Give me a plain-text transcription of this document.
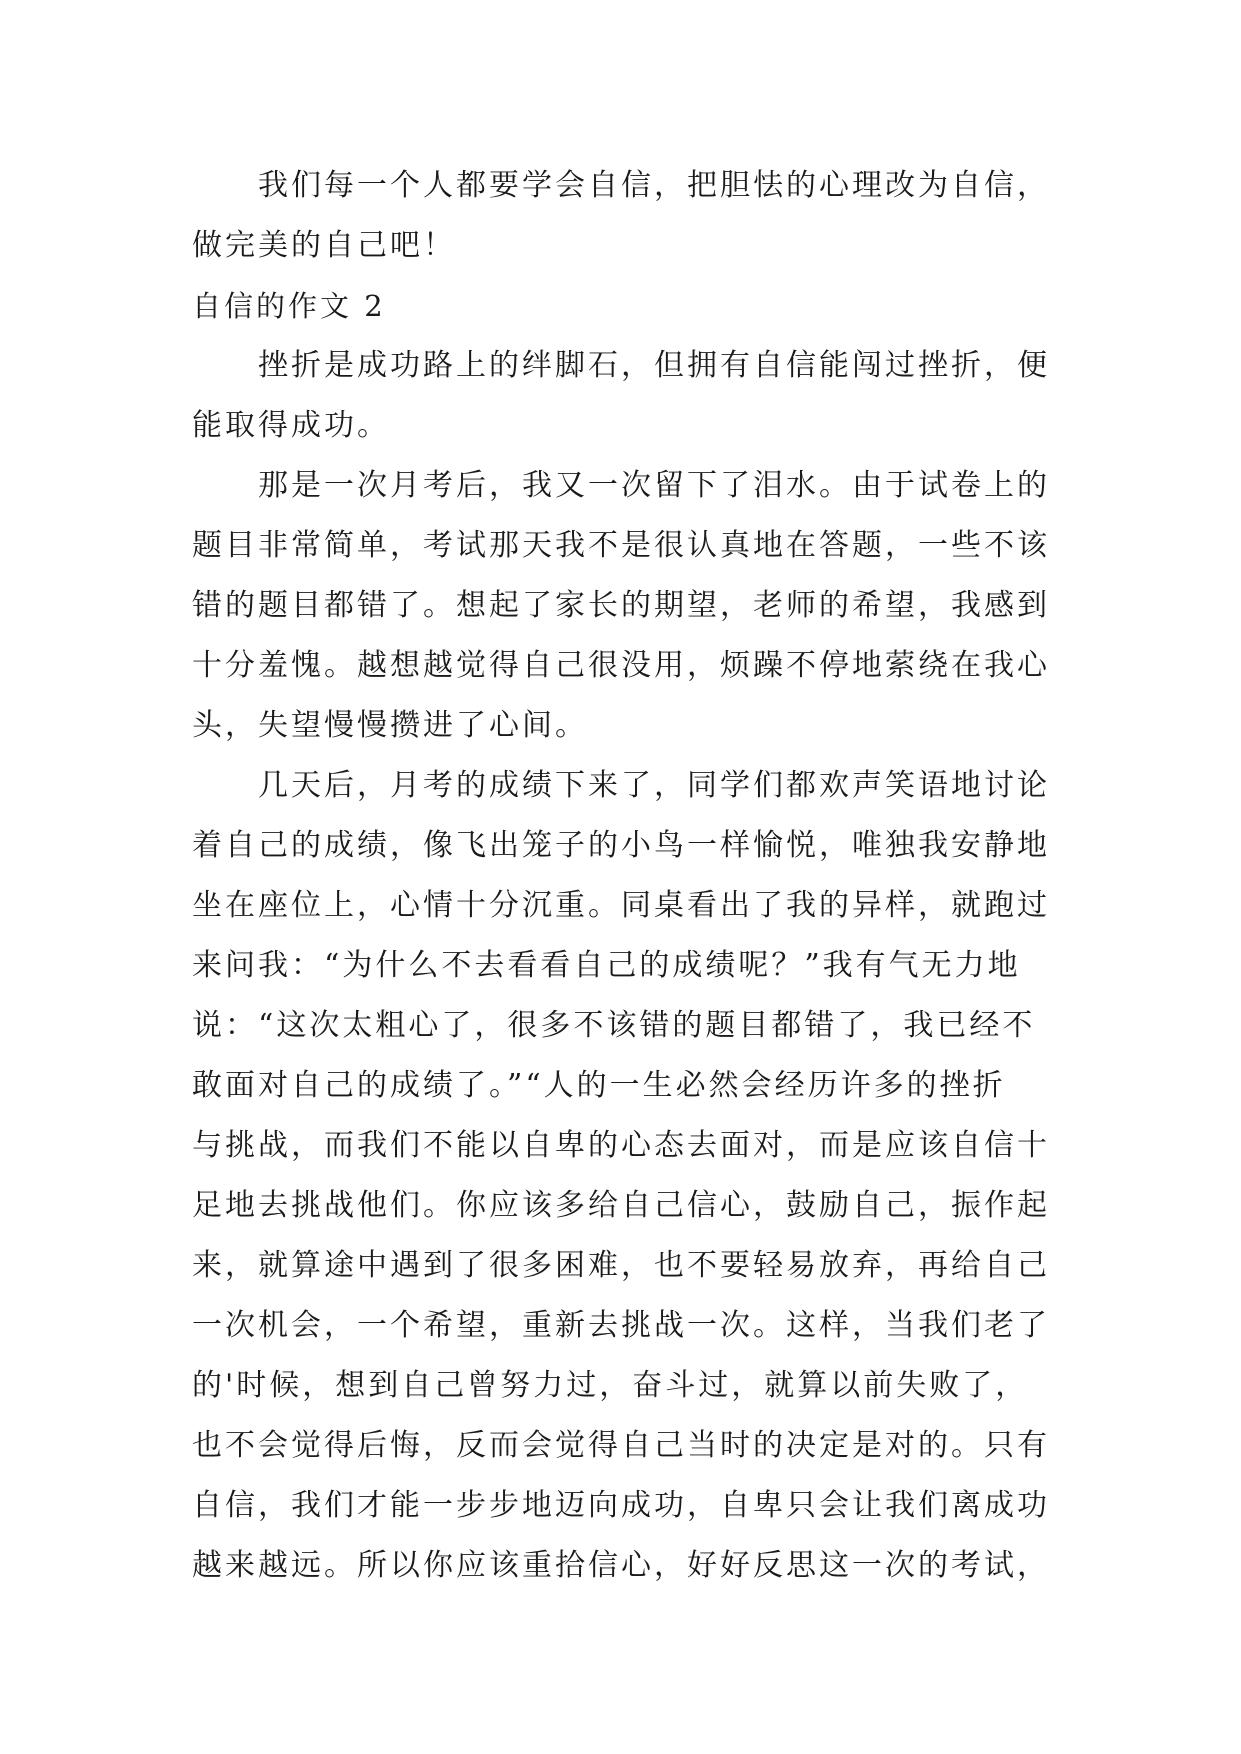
我们每一个人都要学会自信，把胆怯的心理改为自信，
做完美的自己吧！
自信的作文 2
挫折是成功路上的绊脚石，但拥有自信能闯过挫折，便
能取得成功。
那是一次月考后，我又一次留下了泪水。由于试卷上的
题目非常简单，考试那天我不是很认真地在答题，一些不该
错的题目都错了。想起了家长的期望，老师的希望，我感到
十分羞愧。越想越觉得自己很没用，烦躁不停地萦绕在我心
头，失望慢慢攒进了心间。
几天后，月考的成绩下来了，同学们都欢声笑语地讨论
着自己的成绩，像飞出笼子的小鸟一样愉悦，唯独我安静地
坐在座位上，心情十分沉重。同桌看出了我的异样，就跑过
来问我：“为什么不去看看自己的成绩呢？”我有气无力地
说：“这次太粗心了，很多不该错的题目都错了，我已经不
敢面对自己的成绩了。”“人的一生必然会经历许多的挫折
与挑战，而我们不能以自卑的心态去面对，而是应该自信十
足地去挑战他们。你应该多给自己信心，鼓励自己，振作起
来，就算途中遇到了很多困难，也不要轻易放弃，再给自己
一次机会，一个希望，重新去挑战一次。这样，当我们老了
的'时候，想到自己曾努力过，奋斗过，就算以前失败了，
也不会觉得后悔，反而会觉得自己当时的决定是对的。只有
自信，我们才能一步步地迈向成功，自卑只会让我们离成功
越来越远。所以你应该重拾信心，好好反思这一次的考试，
